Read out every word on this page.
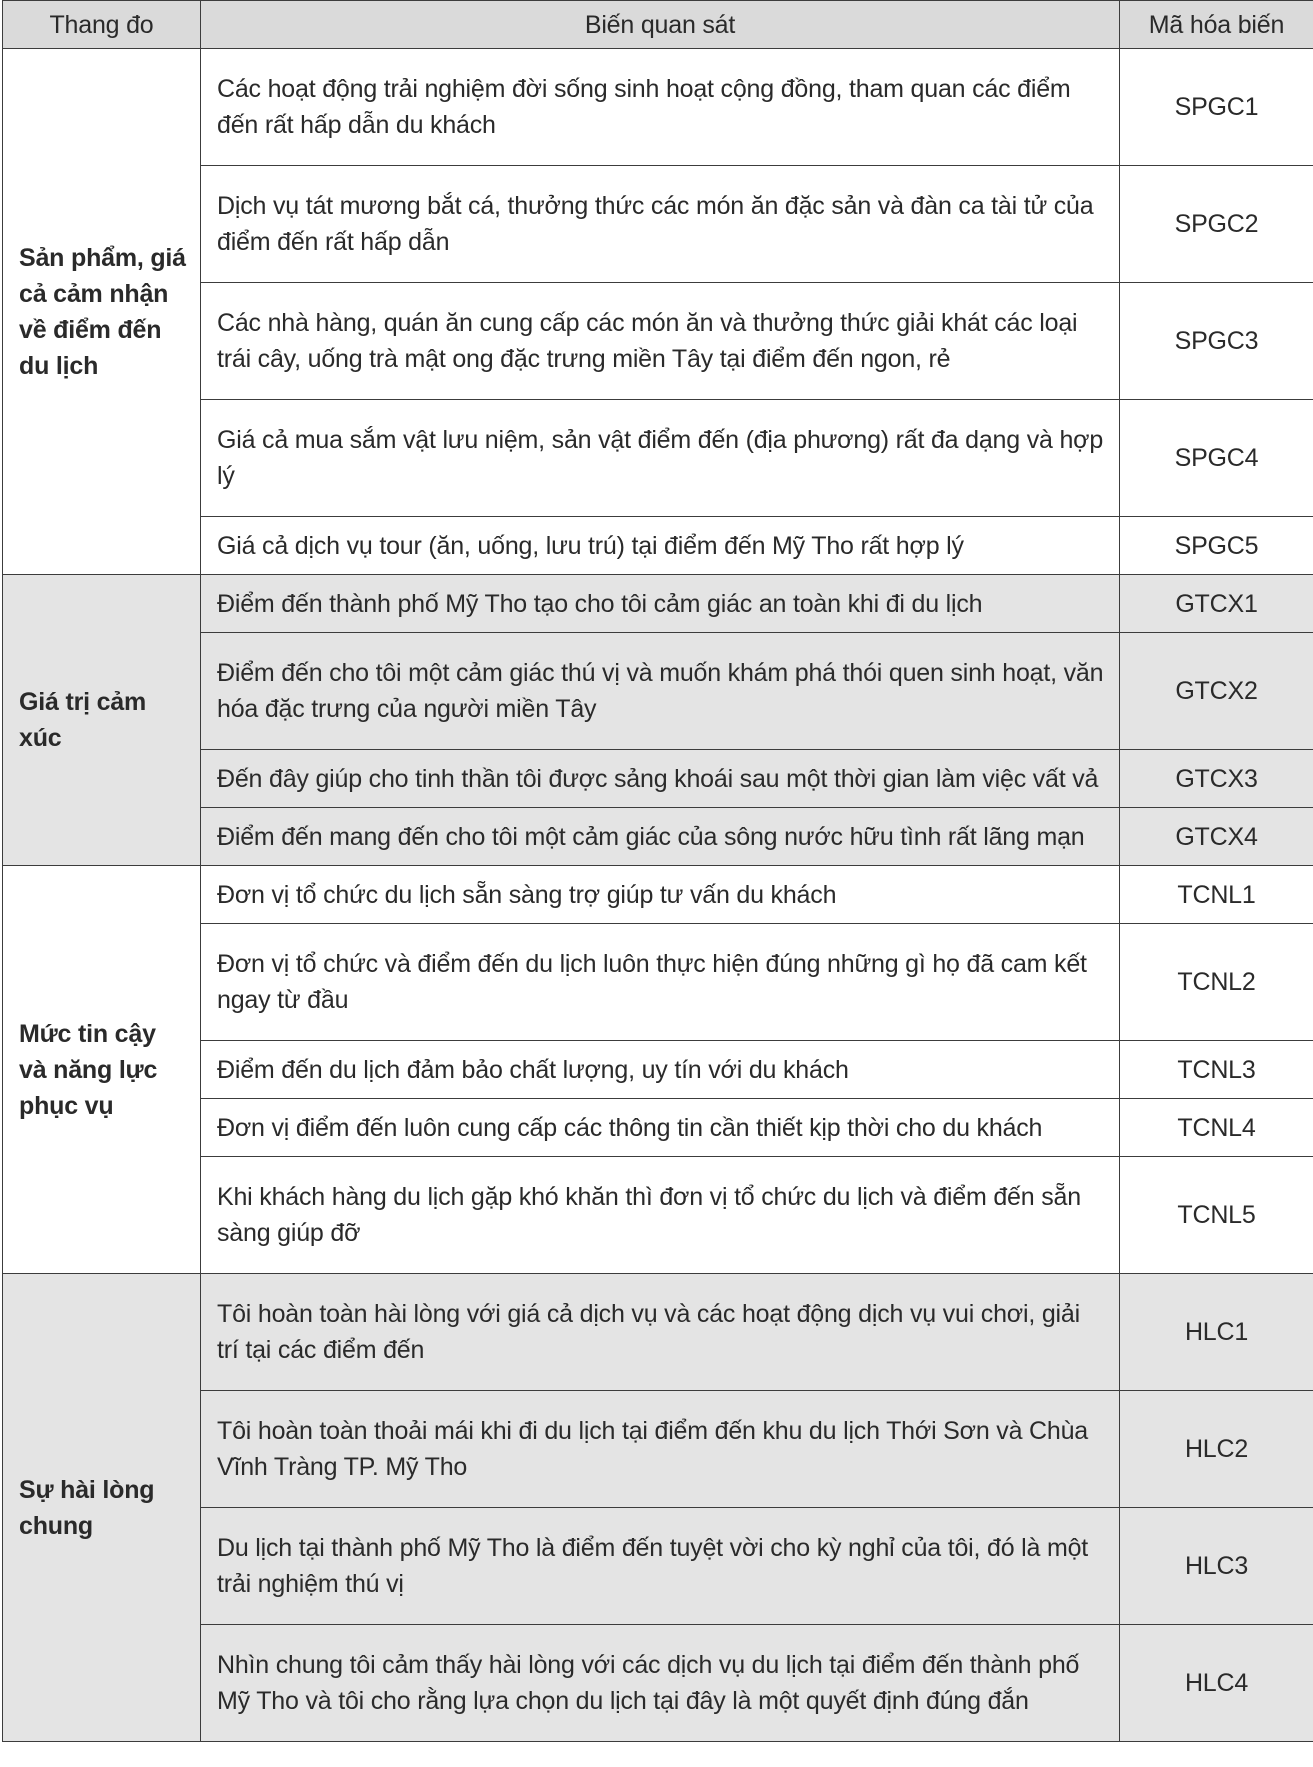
Thang đo	Biến quan sát	Mã hóa biến
Sản phẩm, giá cả cảm nhận về điểm đến du lịch	Các hoạt động trải nghiệm đời sống sinh hoạt cộng đồng, tham quan các điểm đến rất hấp dẫn du khách	SPGC1
	Dịch vụ tát mương bắt cá, thưởng thức các món ăn đặc sản và đàn ca tài tử của điểm đến rất hấp dẫn	SPGC2
	Các nhà hàng, quán ăn cung cấp các món ăn và thưởng thức giải khát các loại trái cây, uống trà mật ong đặc trưng miền Tây tại điểm đến ngon, rẻ	SPGC3
	Giá cả mua sắm vật lưu niệm, sản vật điểm đến (địa phương) rất đa dạng và hợp lý	SPGC4
	Giá cả dịch vụ tour (ăn, uống, lưu trú) tại điểm đến Mỹ Tho rất hợp lý	SPGC5
Giá trị cảm xúc	Điểm đến thành phố Mỹ Tho tạo cho tôi cảm giác an toàn khi đi du lịch	GTCX1
	Điểm đến cho tôi một cảm giác thú vị và muốn khám phá thói quen sinh hoạt, văn hóa đặc trưng của người miền Tây	GTCX2
	Đến đây giúp cho tinh thần tôi được sảng khoái sau một thời gian làm việc vất vả	GTCX3
	Điểm đến mang đến cho tôi một cảm giác của sông nước hữu tình rất lãng mạn	GTCX4
Mức tin cậy và năng lực phục vụ	Đơn vị tổ chức du lịch sẵn sàng trợ giúp tư vấn du khách	TCNL1
	Đơn vị tổ chức và điểm đến du lịch luôn thực hiện đúng những gì họ đã cam kết ngay từ đầu	TCNL2
	Điểm đến du lịch đảm bảo chất lượng, uy tín với du khách	TCNL3
	Đơn vị điểm đến luôn cung cấp các thông tin cần thiết kịp thời cho du khách	TCNL4
	Khi khách hàng du lịch gặp khó khăn thì đơn vị tổ chức du lịch và điểm đến sẵn sàng giúp đỡ	TCNL5
Sự hài lòng chung	Tôi hoàn toàn hài lòng với giá cả dịch vụ và các hoạt động dịch vụ vui chơi, giải trí tại các điểm đến	HLC1
	Tôi hoàn toàn thoải mái khi đi du lịch tại điểm đến khu du lịch Thới Sơn và Chùa Vĩnh Tràng TP. Mỹ Tho	HLC2
	Du lịch tại thành phố Mỹ Tho là điểm đến tuyệt vời cho kỳ nghỉ của tôi, đó là một trải nghiệm thú vị	HLC3
	Nhìn chung tôi cảm thấy hài lòng với các dịch vụ du lịch tại điểm đến thành phố Mỹ Tho và tôi cho rằng lựa chọn du lịch tại đây là một quyết định đúng đắn	HLC4
